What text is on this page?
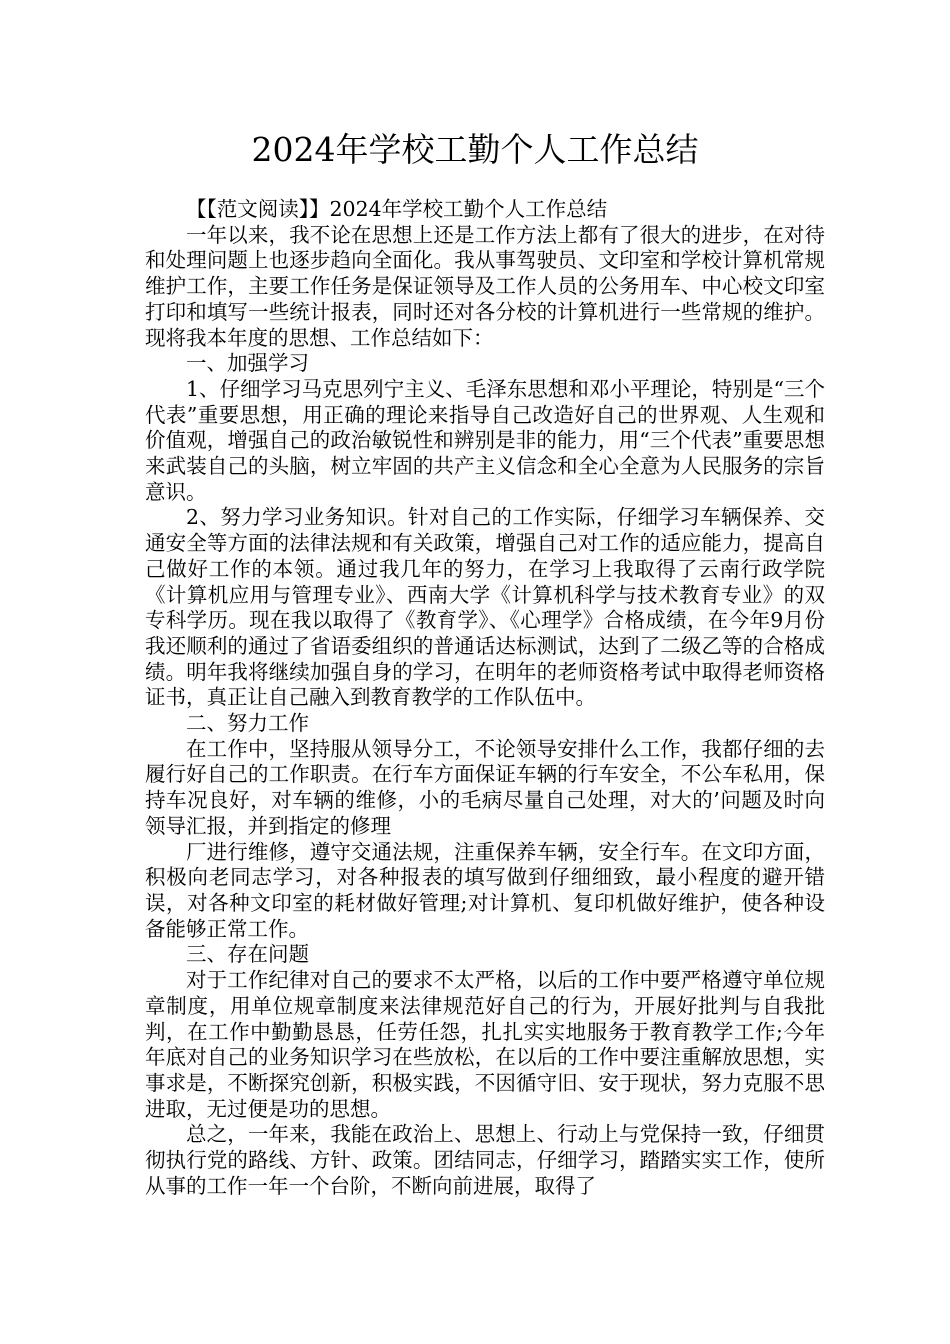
2024年学校工勤个人工作总结

【【范文阅读】】2024年学校工勤个人工作总结

一年以来，我不论在思想上还是工作方法上都有了很大的进步，在对待和处理问题上也逐步趋向全面化。我从事驾驶员、文印室和学校计算机常规维护工作，主要工作任务是保证领导及工作人员的公务用车、中心校文印室打印和填写一些统计报表，同时还对各分校的计算机进行一些常规的维护。现将我本年度的思想、工作总结如下：

一、加强学习

1、仔细学习马克思列宁主义、毛泽东思想和邓小平理论，特别是“三个代表”重要思想，用正确的理论来指导自己改造好自己的世界观、人生观和价值观，增强自己的政治敏锐性和辨别是非的能力，用“三个代表”重要思想来武装自己的头脑，树立牢固的共产主义信念和全心全意为人民服务的宗旨意识。

2、努力学习业务知识。针对自己的工作实际，仔细学习车辆保养、交通安全等方面的法律法规和有关政策，增强自己对工作的适应能力，提高自己做好工作的本领。通过我几年的努力，在学习上我取得了云南行政学院《计算机应用与管理专业》、西南大学《计算机科学与技术教育专业》的双专科学历。现在我以取得了《教育学》、《心理学》合格成绩，在今年9月份我还顺利的通过了省语委组织的普通话达标测试，达到了二级乙等的合格成绩。明年我将继续加强自身的学习，在明年的老师资格考试中取得老师资格证书，真正让自己融入到教育教学的工作队伍中。

二、努力工作

在工作中，坚持服从领导分工，不论领导安排什么工作，我都仔细的去履行好自己的工作职责。在行车方面保证车辆的行车安全，不公车私用，保持车况良好，对车辆的维修，小的毛病尽量自己处理，对大的’问题及时向领导汇报，并到指定的修理

厂进行维修，遵守交通法规，注重保养车辆，安全行车。在文印方面，积极向老同志学习，对各种报表的填写做到仔细细致，最小程度的避开错误，对各种文印室的耗材做好管理;对计算机、复印机做好维护，使各种设备能够正常工作。

三、存在问题

对于工作纪律对自己的要求不太严格，以后的工作中要严格遵守单位规章制度，用单位规章制度来法律规范好自己的行为，开展好批判与自我批判，在工作中勤勤恳恳，任劳任怨，扎扎实实地服务于教育教学工作;今年年底对自己的业务知识学习在些放松，在以后的工作中要注重解放思想，实事求是，不断探究创新，积极实践，不因循守旧、安于现状，努力克服不思进取，无过便是功的思想。

总之，一年来，我能在政治上、思想上、行动上与党保持一致，仔细贯彻执行党的路线、方针、政策。团结同志，仔细学习，踏踏实实工作，使所从事的工作一年一个台阶，不断向前进展，取得了
